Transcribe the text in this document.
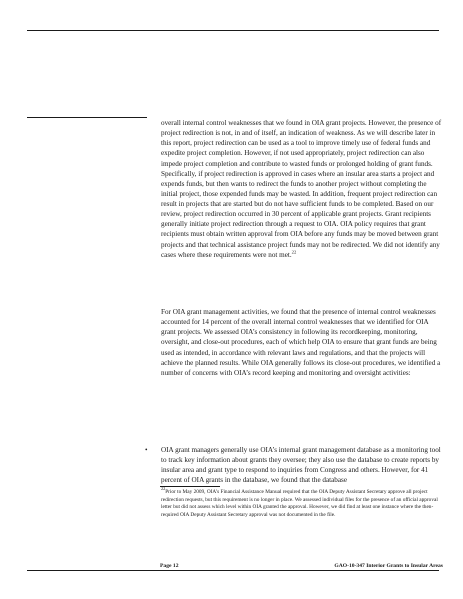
overall internal control weaknesses that we found in OIA grant projects. However, the presence of project redirection is not, in and of itself, an indication of weakness. As we will describe later in this report, project redirection can be used as a tool to improve timely use of federal funds and expedite project completion. However, if not used appropriately, project redirection can also impede project completion and contribute to wasted funds or prolonged holding of grant funds. Specifically, if project redirection is approved in cases where an insular area starts a project and expends funds, but then wants to redirect the funds to another project without completing the initial project, those expended funds may be wasted. In addition, frequent project redirection can result in projects that are started but do not have sufficient funds to be completed. Based on our review, project redirection occurred in 30 percent of applicable grant projects. Grant recipients generally initiate project redirection through a request to OIA. OIA policy requires that grant recipients must obtain written approval from OIA before any funds may be moved between grant projects and that technical assistance project funds may not be redirected. We did not identify any cases where these requirements were not met.$^{22}$

For OIA grant management activities, we found that the presence of internal control weaknesses accounted for 14 percent of the overall internal control weaknesses that we identified for OIA grant projects. We assessed OIA’s consistency in following its recordkeeping, monitoring, oversight, and close-out procedures, each of which help OIA to ensure that grant funds are being used as intended, in accordance with relevant laws and regulations, and that the projects will achieve the planned results. While OIA generally follows its close-out procedures, we identified a number of concerns with OIA’s record keeping and monitoring and oversight activities:

• OIA grant managers generally use OIA’s internal grant management database as a monitoring tool to track key information about grants they oversee; they also use the database to create reports by insular area and grant type to respond to inquiries from Congress and others. However, for 41 percent of OIA grants in the database, we found that the database
$^{22}$Prior to May 2009, OIA’s Financial Assistance Manual required that the OIA Deputy Assistant Secretary approve all project redirection requests, but this requirement is no longer in place. We assessed individual files for the presence of an official approval letter but did not assess which level within OIA granted the approval. However, we did find at least one instance where the then-required OIA Deputy Assistant Secretary approval was not documented in the file.
Page 12	GAO-10-347 Interior Grants to Insular Areas
